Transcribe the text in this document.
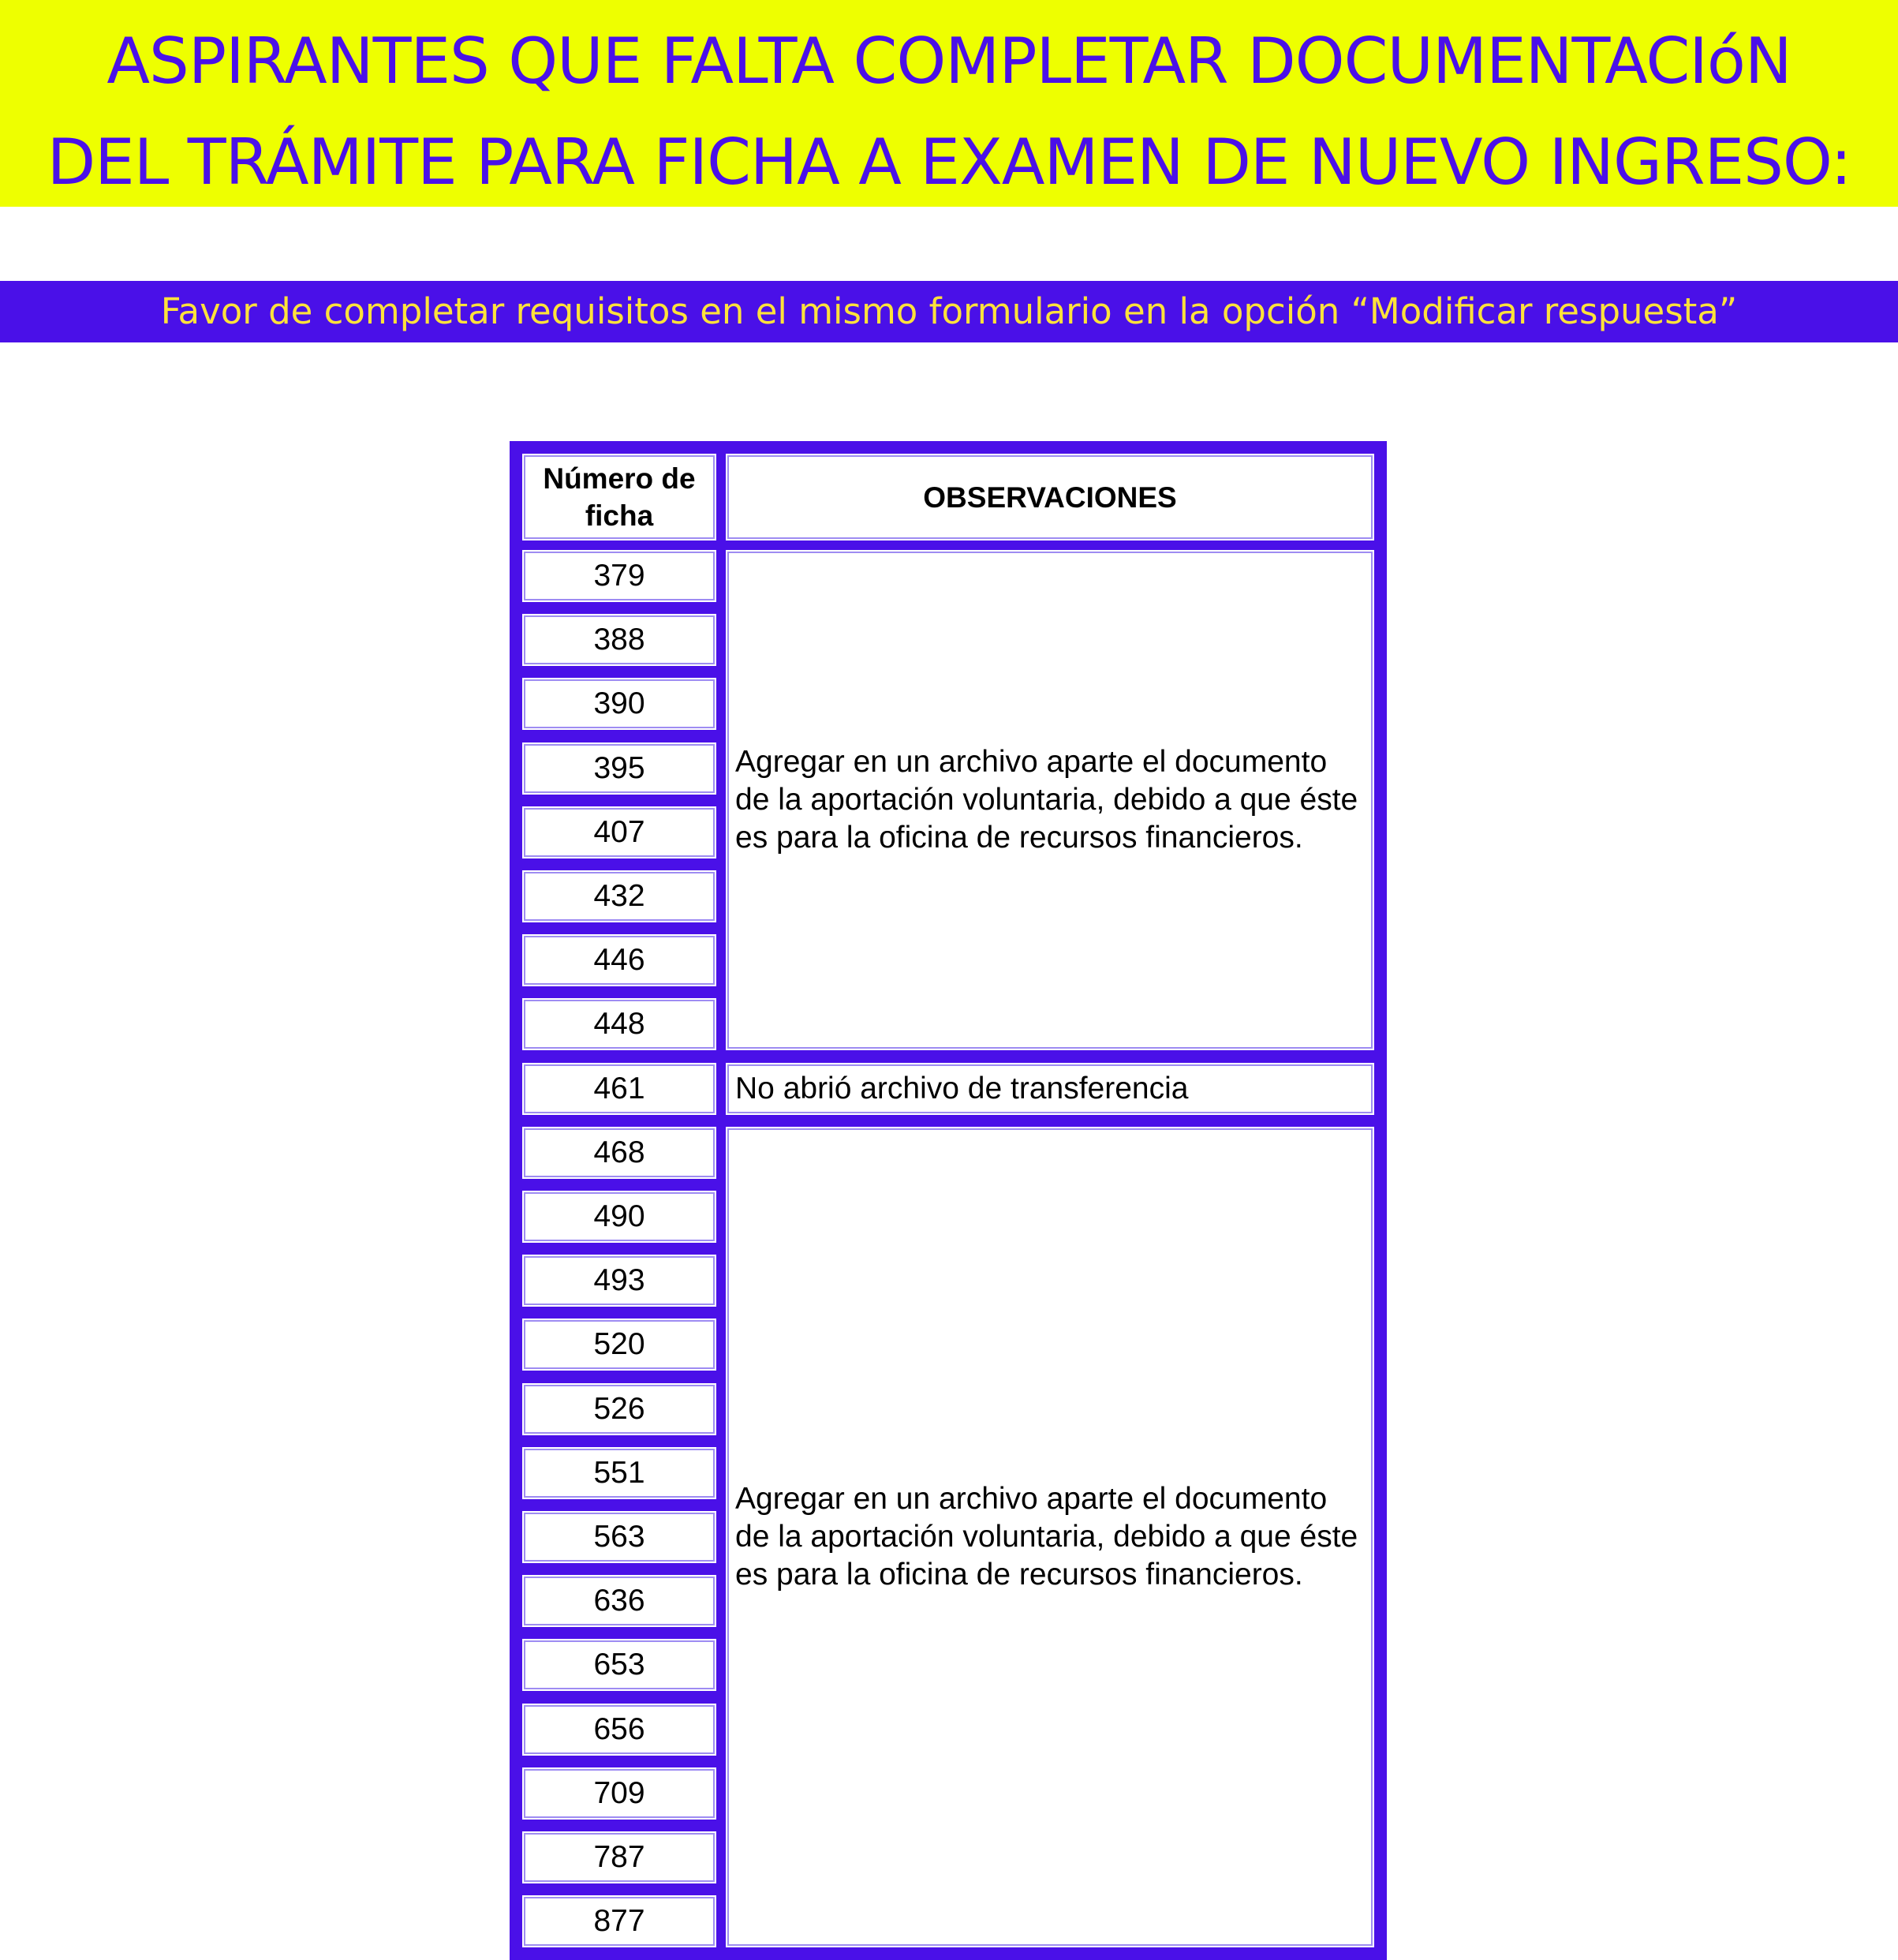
ASPIRANTES QUE FALTA COMPLETAR DOCUMENTACIóN
DEL TRÁMITE PARA FICHA A EXAMEN DE NUEVO INGRESO:
Favor de completar requisitos en el mismo formulario en la opción “Modificar respuesta”
Número de ficha
OBSERVACIONES
379
388
390
395
407
432
446
448
461
468
490
493
520
526
551
563
636
653
656
709
787
877
Agregar en un archivo aparte el documento de la aportación voluntaria, debido a que éste es para la oficina de recursos financieros.
No abrió archivo de transferencia
Agregar en un archivo aparte el documento de la aportación voluntaria, debido a que éste es para la oficina de recursos financieros.
